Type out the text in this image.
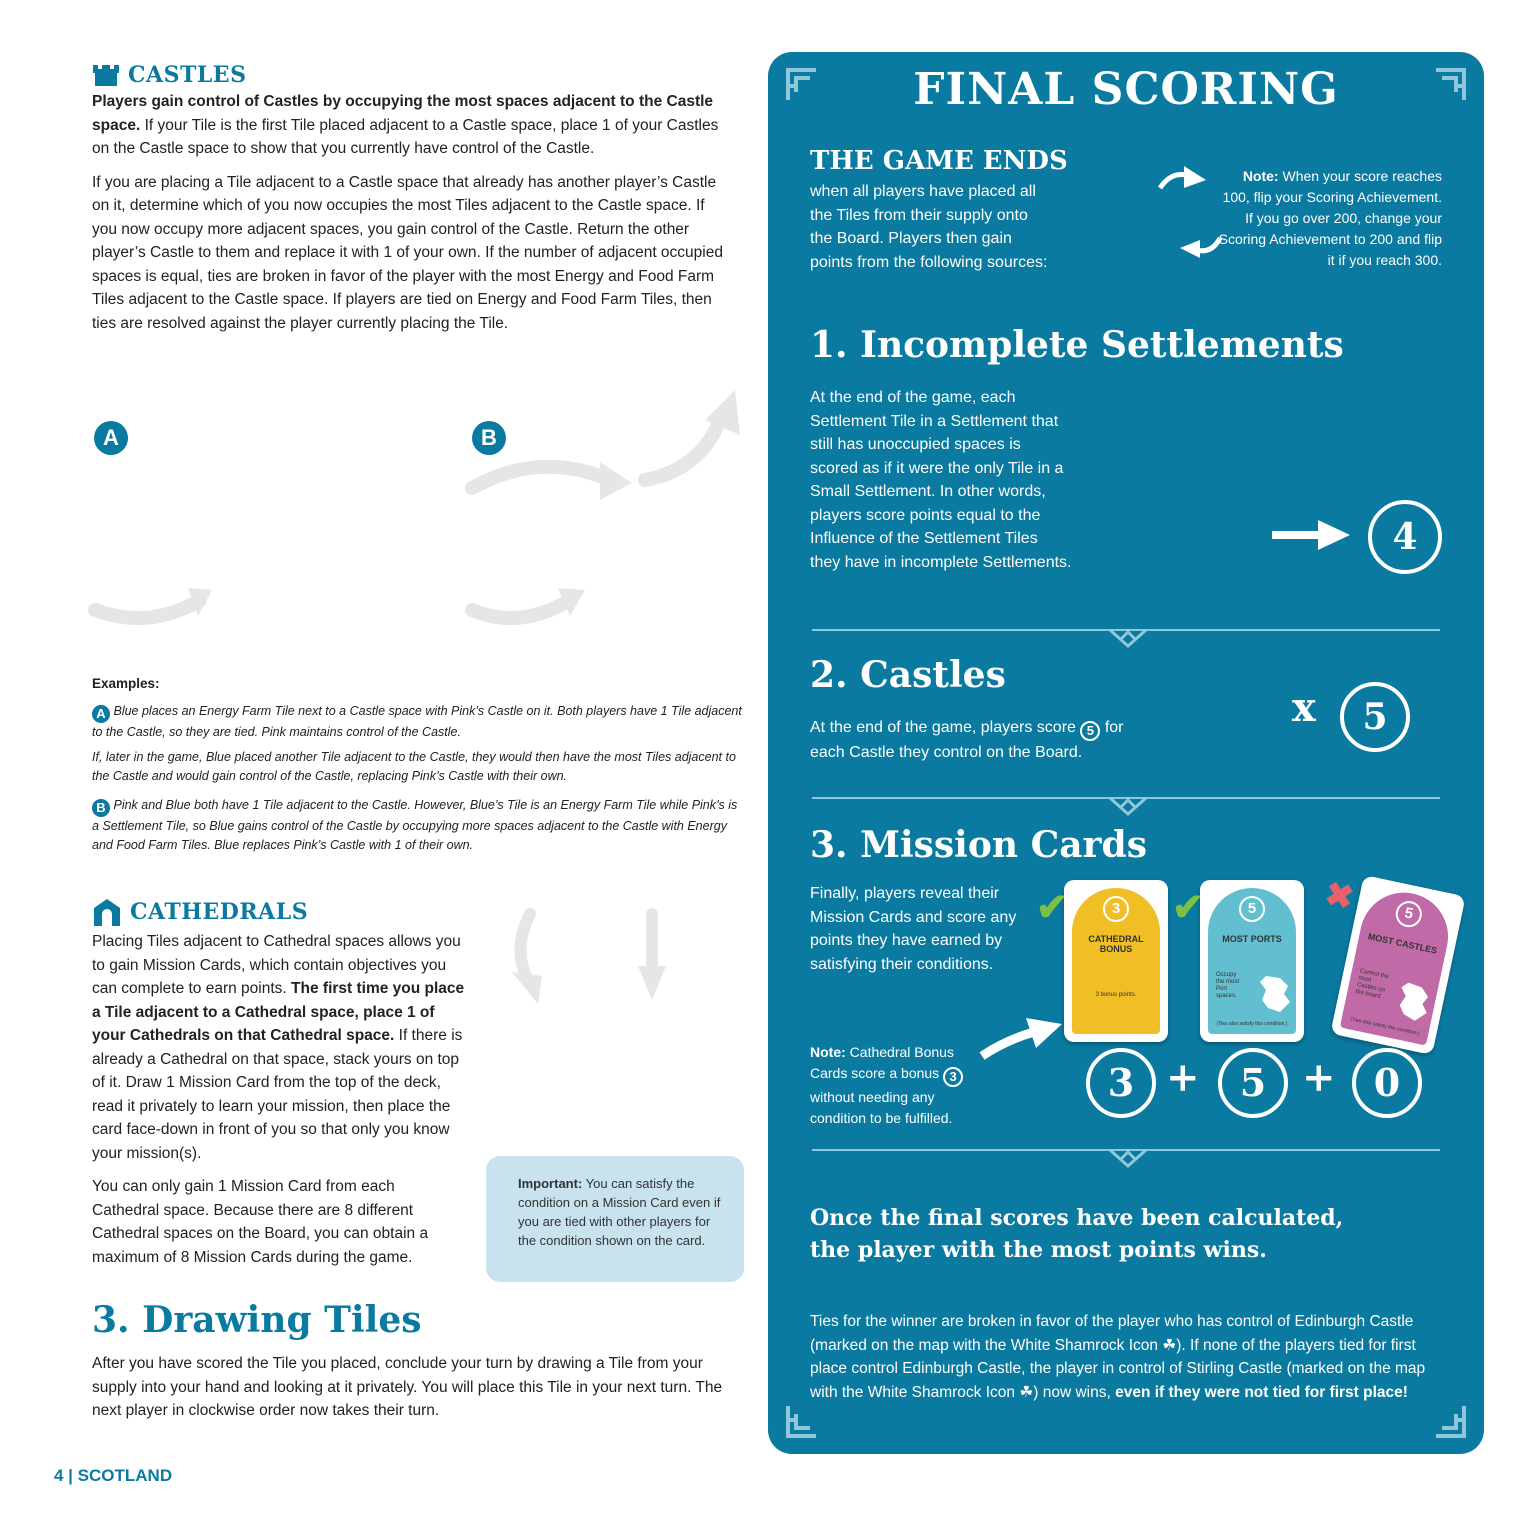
CASTLES

Players gain control of Castles by occupying the most spaces adjacent to the Castle space. If your Tile is the first Tile placed adjacent to a Castle space, place 1 of your Castles on the Castle space to show that you currently have control of the Castle.

If you are placing a Tile adjacent to a Castle space that already has another player’s Castle on it, determine which of you now occupies the most Tiles adjacent to the Castle space. If you now occupy more adjacent spaces, you gain control of the Castle. Return the other player’s Castle to them and replace it with 1 of your own. If the number of adjacent occupied spaces is equal, ties are broken in favor of the player with the most Energy and Food Farm Tiles adjacent to the Castle space. If players are tied on Energy and Food Farm Tiles, then ties are resolved against the player currently placing the Tile.

A	B

Examples:

A Blue places an Energy Farm Tile next to a Castle space with Pink’s Castle on it. Both players have 1 Tile adjacent to the Castle, so they are tied. Pink maintains control of the Castle.

If, later in the game, Blue placed another Tile adjacent to the Castle, they would then have the most Tiles adjacent to the Castle and would gain control of the Castle, replacing Pink’s Castle with their own.

B Pink and Blue both have 1 Tile adjacent to the Castle. However, Blue’s Tile is an Energy Farm Tile while Pink’s is a Settlement Tile, so Blue gains control of the Castle by occupying more spaces adjacent to the Castle with Energy and Food Farm Tiles. Blue replaces Pink’s Castle with 1 of their own.

CATHEDRALS

Placing Tiles adjacent to Cathedral spaces allows you to gain Mission Cards, which contain objectives you can complete to earn points. The first time you place a Tile adjacent to a Cathedral space, place 1 of your Cathedrals on that Cathedral space. If there is already a Cathedral on that space, stack yours on top of it. Draw 1 Mission Card from the top of the deck, read it privately to learn your mission, then place the card face-down in front of you so that only you know your mission(s).

You can only gain 1 Mission Card from each Cathedral space. Because there are 8 different Cathedral spaces on the Board, you can obtain a maximum of 8 Mission Cards during the game.

Important: You can satisfy the condition on a Mission Card even if you are tied with other players for the condition shown on the card.

3. Drawing Tiles

After you have scored the Tile you placed, conclude your turn by drawing a Tile from your supply into your hand and looking at it privately. You will place this Tile in your next turn. The next player in clockwise order now takes their turn.

4 | SCOTLAND
FINAL SCORING
THE GAME ENDS

when all players have placed all the Tiles from their supply onto the Board. Players then gain points from the following sources:

Note: When your score reaches 100, flip your Scoring Achievement. If you go over 200, change your Scoring Achievement to 200 and flip it if you reach 300.

1. Incomplete Settlements

At the end of the game, each Settlement Tile in a Settlement that still has unoccupied spaces is scored as if it were the only Tile in a Small Settlement. In other words, players score points equal to the Influence of the Settlement Tiles they have in incomplete Settlements.

4
2. Castles

At the end of the game, players score 5 for each Castle they control on the Board.

x	5
3. Mission Cards

Finally, players reveal their Mission Cards and score any points they have earned by satisfying their conditions.

Note: Cathedral Bonus Cards score a bonus 3 without needing any condition to be fulfilled.

3
CATHEDRAL BONUS
3 bonus points.
✔	5
MOST PORTS
Occupy the most Port spaces.
(Ties also satisfy this condition.)
✔	5
MOST CASTLES
Control the most Castles on the board.
(Ties also satisfy this condition.)
✖
3 +	5 +	0
Once the final scores have been calculated,
the player with the most points wins.

Ties for the winner are broken in favor of the player who has control of Edinburgh Castle (marked on the map with the White Shamrock Icon ☘). If none of the players tied for first place control Edinburgh Castle, the player in control of Stirling Castle (marked on the map with the White Shamrock Icon ☘) now wins, even if they were not tied for first place!
